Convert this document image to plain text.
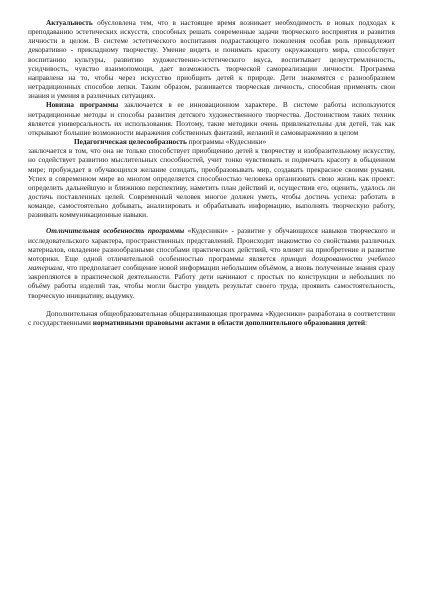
Актуальность обусловлена тем, что в настоящее время возникает необходимость в новых подходах к преподаванию эстетических искусств, способных решать современные задачи творческого восприятия и развития личности в целом. В системе эстетического воспитания подрастающего поколения особая роль принадлежит декоративно - прикладному творчеству. Умение видеть и понимать красоту окружающего мира, способствует воспитанию культуры, развитию художественно-эстетического вкуса, воспитывает целеустремленность, усидчивость, чувство взаимопомощи, дает возможность творческой самореализации личности. Программа направлена на то, чтобы через искусство приобщить детей к природе. Дети знакомятся с разнообразием нетрадиционных способов лепки. Таким образом, развивается творческая личность, способная применять свои знания и умения в различных ситуациях.

Новизна программы заключается в ее инновационном характере. В системе работы используются нетрадиционные методы и способы развития детского художественного творчества. Достоинством таких техник является универсальность их использования. Поэтому, такие методики очень привлекательны для детей, так как открывают большие возможности выражения собственных фантазий, желаний и самовыражению в целом

Педагогическая целесообразность программы «Кудесники»

заключается в том, что она не только способствует приобщению детей к творчеству и изобразительному искусству, но содействует развитию мыслительных способностей, учит тонко чувствовать и подмечать красоту в обыденном мире; пробуждает в обучающихся желание созидать, преобразовывать мир, создавать прекрасное своими руками. Успех в современном мире во многом определяется способностью человека организовать свою жизнь как проект: определить дальнейшую и ближнюю перспективу, наметить план действий и, осуществив его, оценить, удалось ли достичь поставленных целей. Современный человек многое должен уметь, чтобы достичь успеха: работать в команде, самостоятельно добывать, анализировать и обрабатывать информацию, выполнять творческую работу, развивать коммуникационные навыки.

Отличительная особенность программы «Кудесники» - развитие у обучающихся навыков творческого и исследовательского характера, пространственных представлений. Происходит знакомство со свойствами различных материалов, овладение разнообразными способами практических действий, что влияет на приобретение и развитие моторики. Еще одной отличительной особенностью программы является принцип дозированности учебного материала, что предполагает сообщение новой информации небольшим объёмом, а вновь полученные знания сразу закрепляются в практической деятельности. Работу дети начинают с простых по конструкции и небольших по объёму работы изделий так, чтобы могли быстро увидеть результат своего труда, проявить самостоятельность, творческую инициативу, выдумку.

Дополнительная общеобразовательная общеразвивающая программа «Кудесники» разработана в соответствии с государственными нормативными правовыми актами в области дополнительного образования детей:
